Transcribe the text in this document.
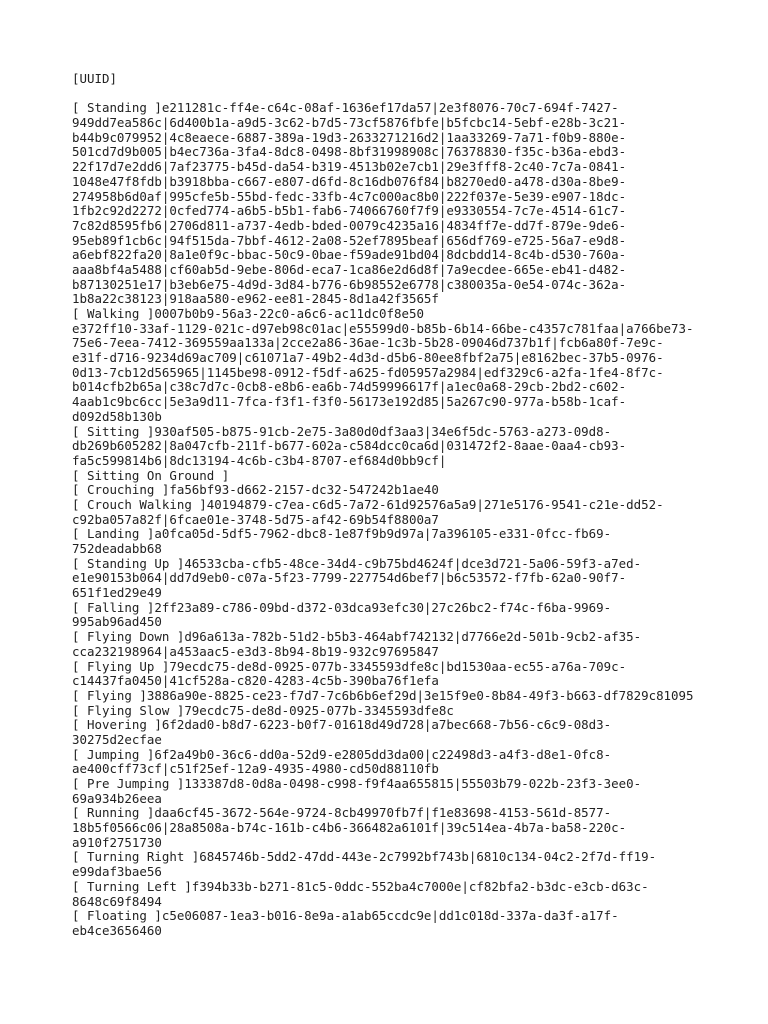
[UUID]
[ Standing ]e211281c-ff4e-c64c-08af-1636ef17da57|2e3f8076-70c7-694f-7427-
949dd7ea586c|6d400b1a-a9d5-3c62-b7d5-73cf5876fbfe|b5fcbc14-5ebf-e28b-3c21-
b44b9c079952|4c8eaece-6887-389a-19d3-2633271216d2|1aa33269-7a71-f0b9-880e-
501cd7d9b005|b4ec736a-3fa4-8dc8-0498-8bf31998908c|76378830-f35c-b36a-ebd3-
22f17d7e2dd6|7af23775-b45d-da54-b319-4513b02e7cb1|29e3fff8-2c40-7c7a-0841-
1048e47f8fdb|b3918bba-c667-e807-d6fd-8c16db076f84|b8270ed0-a478-d30a-8be9-
274958b6d0af|995cfe5b-55bd-fedc-33fb-4c7c000ac8b0|222f037e-5e39-e907-18dc-
1fb2c92d2272|0cfed774-a6b5-b5b1-fab6-74066760f7f9|e9330554-7c7e-4514-61c7-
7c82d8595fb6|2706d811-a737-4edb-bded-0079c4235a16|4834ff7e-dd7f-879e-9de6-
95eb89f1cb6c|94f515da-7bbf-4612-2a08-52ef7895beaf|656df769-e725-56a7-e9d8-
a6ebf822fa20|8a1e0f9c-bbac-50c9-0bae-f59ade91bd04|8dcbdd14-8c4b-d530-760a-
aaa8bf4a5488|cf60ab5d-9ebe-806d-eca7-1ca86e2d6d8f|7a9ecdee-665e-eb41-d482-
b87130251e17|b3eb6e75-4d9d-3d84-b776-6b98552e6778|c380035a-0e54-074c-362a-
1b8a22c38123|918aa580-e962-ee81-2845-8d1a42f3565f
[ Walking ]0007b0b9-56a3-22c0-a6c6-ac11dc0f8e50
e372ff10-33af-1129-021c-d97eb98c01ac|e55599d0-b85b-6b14-66be-c4357c781faa|a766be73-
75e6-7eea-7412-369559aa133a|2cce2a86-36ae-1c3b-5b28-09046d737b1f|fcb6a80f-7e9c-
e31f-d716-9234d69ac709|c61071a7-49b2-4d3d-d5b6-80ee8fbf2a75|e8162bec-37b5-0976-
0d13-7cb12d565965|1145be98-0912-f5df-a625-fd05957a2984|edf329c6-a2fa-1fe4-8f7c-
b014cfb2b65a|c38c7d7c-0cb8-e8b6-ea6b-74d59996617f|a1ec0a68-29cb-2bd2-c602-
4aab1c9bc6cc|5e3a9d11-7fca-f3f1-f3f0-56173e192d85|5a267c90-977a-b58b-1caf-
d092d58b130b
[ Sitting ]930af505-b875-91cb-2e75-3a80d0df3aa3|34e6f5dc-5763-a273-09d8-
db269b605282|8a047cfb-211f-b677-602a-c584dcc0ca6d|031472f2-8aae-0aa4-cb93-
fa5c599814b6|8dc13194-4c6b-c3b4-8707-ef684d0bb9cf|
[ Sitting On Ground ]
[ Crouching ]fa56bf93-d662-2157-dc32-547242b1ae40
[ Crouch Walking ]40194879-c7ea-c6d5-7a72-61d92576a5a9|271e5176-9541-c21e-dd52-
c92ba057a82f|6fcae01e-3748-5d75-af42-69b54f8800a7
[ Landing ]a0fca05d-5df5-7962-dbc8-1e87f9b9d97a|7a396105-e331-0fcc-fb69-
752deadabb68
[ Standing Up ]46533cba-cfb5-48ce-34d4-c9b75bd4624f|dce3d721-5a06-59f3-a7ed-
e1e90153b064|dd7d9eb0-c07a-5f23-7799-227754d6bef7|b6c53572-f7fb-62a0-90f7-
651f1ed29e49
[ Falling ]2ff23a89-c786-09bd-d372-03dca93efc30|27c26bc2-f74c-f6ba-9969-
995ab96ad450
[ Flying Down ]d96a613a-782b-51d2-b5b3-464abf742132|d7766e2d-501b-9cb2-af35-
cca232198964|a453aac5-e3d3-8b94-8b19-932c97695847
[ Flying Up ]79ecdc75-de8d-0925-077b-3345593dfe8c|bd1530aa-ec55-a76a-709c-
c14437fa0450|41cf528a-c820-4283-4c5b-390ba76f1efa
[ Flying ]3886a90e-8825-ce23-f7d7-7c6b6b6ef29d|3e15f9e0-8b84-49f3-b663-df7829c81095
[ Flying Slow ]79ecdc75-de8d-0925-077b-3345593dfe8c
[ Hovering ]6f2dad0-b8d7-6223-b0f7-01618d49d728|a7bec668-7b56-c6c9-08d3-
30275d2ecfae
[ Jumping ]6f2a49b0-36c6-dd0a-52d9-e2805dd3da00|c22498d3-a4f3-d8e1-0fc8-
ae400cff73cf|c51f25ef-12a9-4935-4980-cd50d88110fb
[ Pre Jumping ]133387d8-0d8a-0498-c998-f9f4aa655815|55503b79-022b-23f3-3ee0-
69a934b26eea
[ Running ]daa6cf45-3672-564e-9724-8cb49970fb7f|f1e83698-4153-561d-8577-
18b5f0566c06|28a8508a-b74c-161b-c4b6-366482a6101f|39c514ea-4b7a-ba58-220c-
a910f2751730
[ Turning Right ]6845746b-5dd2-47dd-443e-2c7992bf743b|6810c134-04c2-2f7d-ff19-
e99daf3bae56
[ Turning Left ]f394b33b-b271-81c5-0ddc-552ba4c7000e|cf82bfa2-b3dc-e3cb-d63c-
8648c69f8494
[ Floating ]c5e06087-1ea3-b016-8e9a-a1ab65ccdc9e|dd1c018d-337a-da3f-a17f-
eb4ce3656460
